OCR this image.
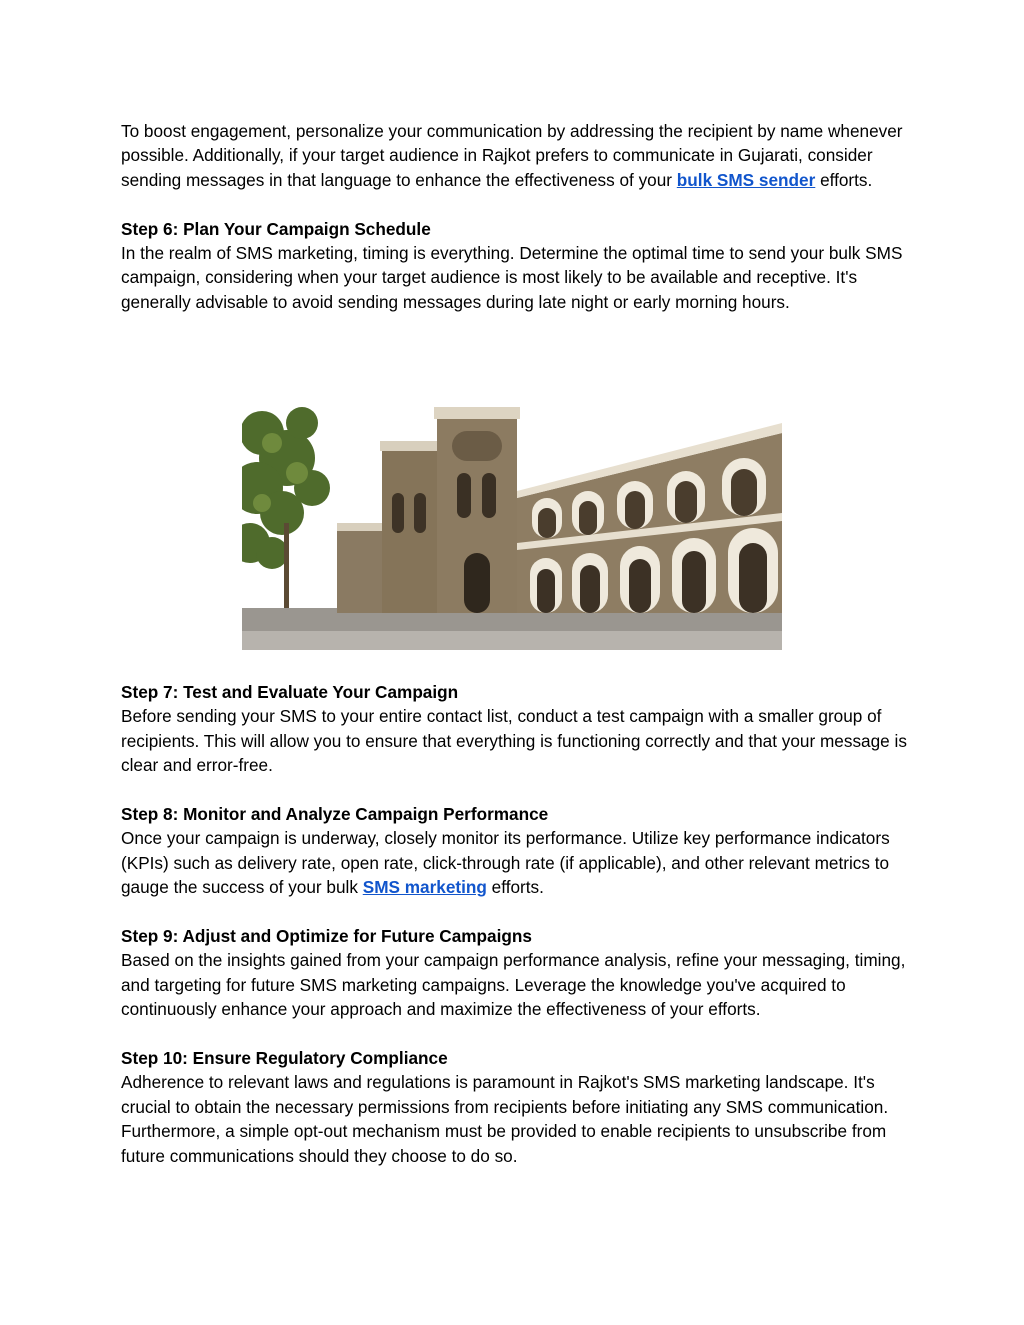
To boost engagement, personalize your communication by addressing the recipient by name whenever possible. Additionally, if your target audience in Rajkot prefers to communicate in Gujarati, consider sending messages in that language to enhance the effectiveness of your bulk SMS sender efforts.

Step 6: Plan Your Campaign Schedule

In the realm of SMS marketing, timing is everything. Determine the optimal time to send your bulk SMS campaign, considering when your target audience is most likely to be available and receptive. It's generally advisable to avoid sending messages during late night or early morning hours.

Step 7: Test and Evaluate Your Campaign

Before sending your SMS to your entire contact list, conduct a test campaign with a smaller group of recipients. This will allow you to ensure that everything is functioning correctly and that your message is clear and error-free.

Step 8: Monitor and Analyze Campaign Performance

Once your campaign is underway, closely monitor its performance. Utilize key performance indicators (KPIs) such as delivery rate, open rate, click-through rate (if applicable), and other relevant metrics to gauge the success of your bulk SMS marketing efforts.

Step 9: Adjust and Optimize for Future Campaigns

Based on the insights gained from your campaign performance analysis, refine your messaging, timing, and targeting for future SMS marketing campaigns. Leverage the knowledge you've acquired to continuously enhance your approach and maximize the effectiveness of your efforts.

Step 10: Ensure Regulatory Compliance

Adherence to relevant laws and regulations is paramount in Rajkot's SMS marketing landscape. It's crucial to obtain the necessary permissions from recipients before initiating any SMS communication. Furthermore, a simple opt-out mechanism must be provided to enable recipients to unsubscribe from future communications should they choose to do so.
